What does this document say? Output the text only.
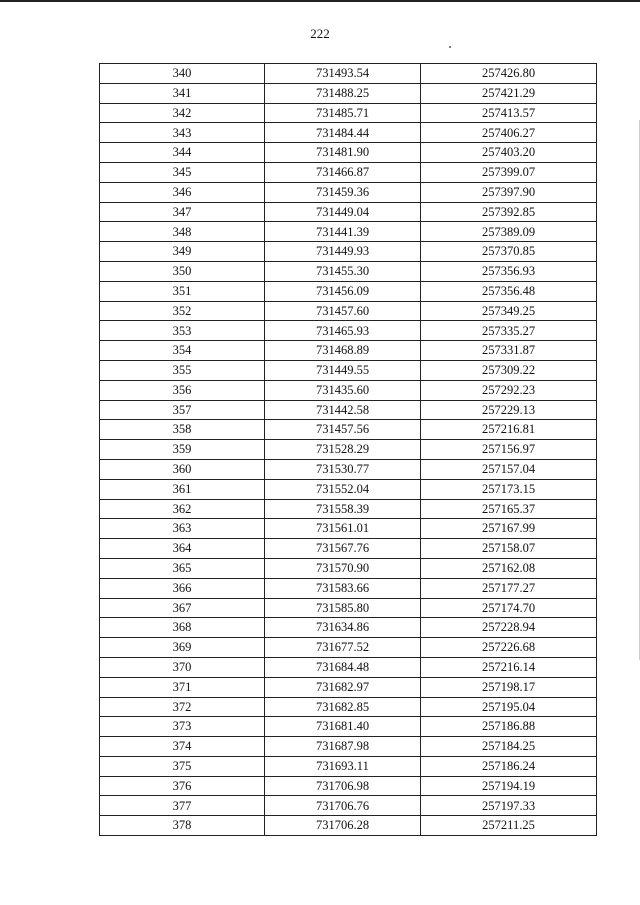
222
340	731493.54	257426.80
341	731488.25	257421.29
342	731485.71	257413.57
343	731484.44	257406.27
344	731481.90	257403.20
345	731466.87	257399.07
346	731459.36	257397.90
347	731449.04	257392.85
348	731441.39	257389.09
349	731449.93	257370.85
350	731455.30	257356.93
351	731456.09	257356.48
352	731457.60	257349.25
353	731465.93	257335.27
354	731468.89	257331.87
355	731449.55	257309.22
356	731435.60	257292.23
357	731442.58	257229.13
358	731457.56	257216.81
359	731528.29	257156.97
360	731530.77	257157.04
361	731552.04	257173.15
362	731558.39	257165.37
363	731561.01	257167.99
364	731567.76	257158.07
365	731570.90	257162.08
366	731583.66	257177.27
367	731585.80	257174.70
368	731634.86	257228.94
369	731677.52	257226.68
370	731684.48	257216.14
371	731682.97	257198.17
372	731682.85	257195.04
373	731681.40	257186.88
374	731687.98	257184.25
375	731693.11	257186.24
376	731706.98	257194.19
377	731706.76	257197.33
378	731706.28	257211.25
